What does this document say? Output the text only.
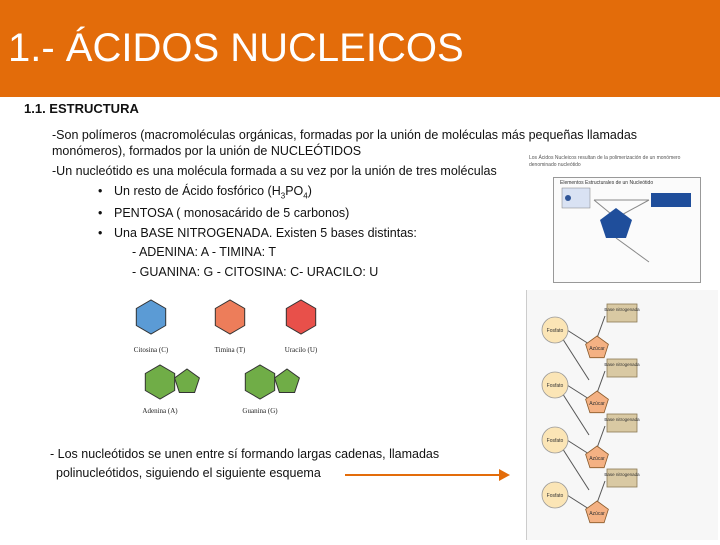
1.- ÁCIDOS NUCLEICOS
1.1. ESTRUCTURA
-Son polímeros (macromoléculas orgánicas, formadas por la unión de moléculas más pequeñas llamadas
monómeros), formados por la unión de NUCLEÓTIDOS
-Un nucleótido es una molécula formada a su vez por la unión de tres moléculas
• Un resto de Ácido fosfórico $(H_3PO_4)$
• PENTOSA ( monosacárido de 5 carbonos)
• Una BASE NITROGENADA. Existen 5 bases distintas:
- ADENINA: A - TIMINA: T
- GUANINA: G - CITOSINA: C- URACILO: U
Los Ácidos Nucleicos resultan de la polimerización de un monómero
denominado nucleótido
Elementos Estructurales de un Nucleótido
Citosina (C)	Timina (T)	Uracilo (U)
Adenina (A)	Guanina (G)
Fosfato
Azúcar
Base nitrogenada
Fosfato
Azúcar
Base nitrogenada
Fosfato
Azúcar
Base nitrogenada
Fosfato
Azúcar
Base nitrogenada
- Los nucleótidos se unen entre sí formando largas cadenas, llamadas
polinucleótidos, siguiendo el siguiente esquema
